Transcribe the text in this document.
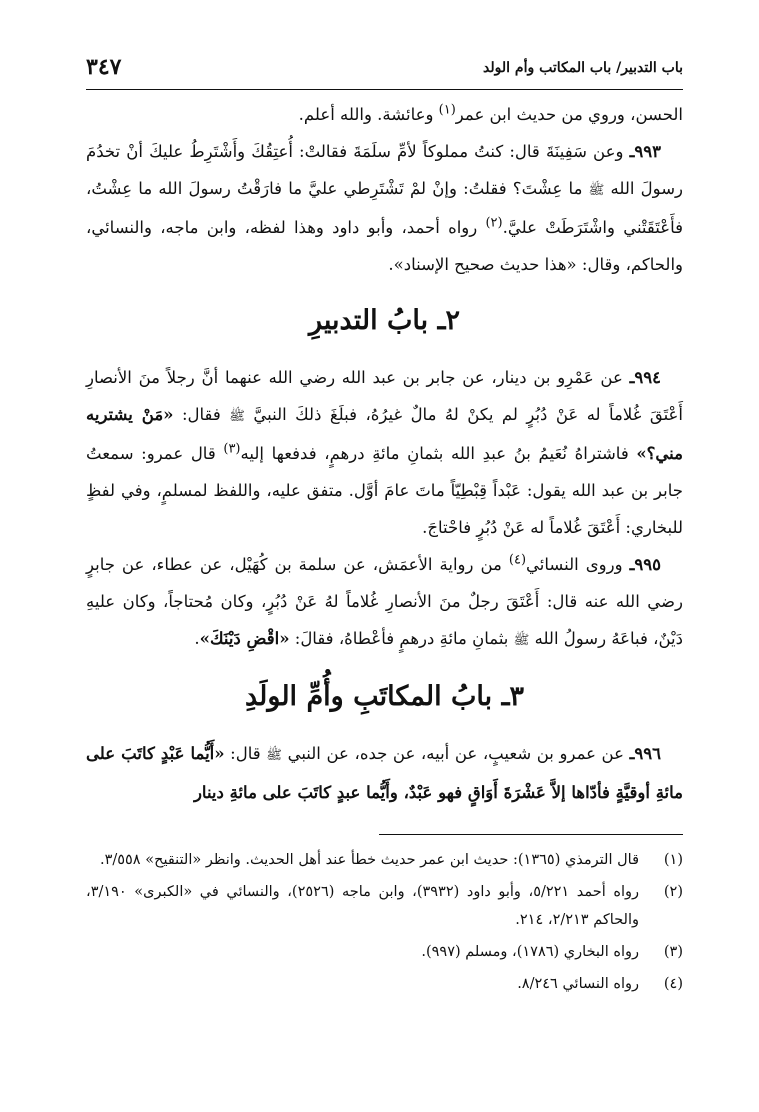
باب التدبير/ باب المكاتب وأم الولد
٣٤٧

الحسن، وروي من حديث ابن عمر$^{(١)}$ وعائشة. والله أعلم.

٩٩٣ـ وعن سَفِينَةَ قال: كنتُ مملوكاً لأمِّ سلَمَةَ فقالتْ: أُعتِقُكَ وأَشْتَرِطُ عليكَ أنْ تخدُمَ رسولَ الله ﷺ ما عِشْتَ؟ فقلتُ: وإنْ لمْ تَشْتَرِطي عليَّ ما فارَقْتُ رسولَ الله ما عِشْتُ، فأَعْتَقَتْني واشْتَرَطَتْ عليَّ.$^{(٢)}$ رواه أحمد، وأبو داود وهذا لفظه، وابن ماجه، والنسائي، والحاكم، وقال: «هذا حديث صحيح الإسناد».

٢ـ بابُ التدبيرِ

٩٩٤ـ عن عَمْرِو بن دينار، عن جابر بن عبد الله رضي الله عنهما أنَّ رجلاً منَ الأنصارِ أَعْتَقَ غُلاماً له عَنْ دُبُرٍ لم يكنْ لهُ مالٌ غيرُهُ، فبلَغَ ذلكَ النبيَّ ﷺ فقال: «مَنْ يشتريه مني؟» فاشتراهُ نُعَيمُ بنُ عبدِ الله بثمانِ مائةِ درهمٍ، فدفعها إليه$^{(٣)}$ قال عمرو: سمعتُ جابر بن عبد الله يقول: عَبْداً قِبْطِيّاً ماتَ عامَ أوَّل. متفق عليه، واللفظ لمسلمٍ، وفي لفظٍ للبخاري: أَعْتَقَ غُلاماً له عَنْ دُبُرٍ فاحْتاجَ.

٩٩٥ـ وروى النسائي$^{(٤)}$ من رواية الأعمَش، عن سلمة بن كُهَيْل، عن عطاء، عن جابرٍ رضي الله عنه قال: أَعْتَقَ رجلٌ منَ الأنصارِ غُلاماً لهُ عَنْ دُبُرٍ، وكان مُحتاجاً، وكان عليهِ دَيْنٌ، فباعَهُ رسولُ الله ﷺ بثمانِ مائةِ درهمٍ فأعْطاهُ، فقالَ: «اقْضِ دَيْنَكَ».

٣ـ بابُ المكاتَبِ وأُمِّ الولَدِ

٩٩٦ـ عن عمرو بن شعيبٍ، عن أبيه، عن جده، عن النبي ﷺ قال: «أَيُّما عَبْدٍ كاتَبَ على مائةِ أوقيَّةٍ فأدّاها إلاَّ عَشْرَةَ أَوَاقٍ فهو عَبْدٌ، وأَيُّما عبدٍ كاتَبَ على مائةِ دينار

(١)
قال الترمذي (١٣٦٥): حديث ابن عمر حديث خطأ عند أهل الحديث. وانظر «التنقيح» ٣/٥٥٨.
(٢)
رواه أحمد ٥/٢٢١، وأبو داود (٣٩٣٢)، وابن ماجه (٢٥٢٦)، والنسائي في «الكبرى» ٣/١٩٠، والحاكم ٢/٢١٣، ٢١٤.
(٣)
رواه البخاري (١٧٨٦)، ومسلم (٩٩٧).
(٤)
رواه النسائي ٨/٢٤٦.
